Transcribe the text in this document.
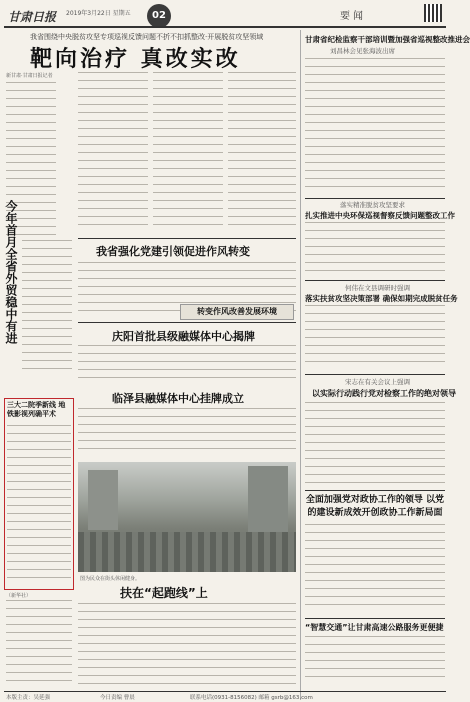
甘肃日报	2019年3月22日 星期五	02	要闻
我省围绕中央脱贫攻坚专项巡视反馈问题不折不扣抓整改·开展脱贫攻坚领域
靶向治疗 真改实改
新甘肃·甘肃日报记者
今年首月全省外贸稳中有进
三大二院季新线 地铁影视列确平术
（新华社）
我省强化党建引领促进作风转变
转变作风改善发展环境
庆阳首批县级融媒体中心揭牌
临泽县融媒体中心挂牌成立
图为民众在街头休闲健身。
扶在“起跑线”上
甘肃省纪检监察干部培训暨加强省巡视整改推进会
刘昌林会见张海波出席
落实精准脱贫攻坚要求
扎实推进中央环保巡视督察反馈问题整改工作
何伟在文县调研时强调
落实扶贫攻坚决策部署 确保如期完成脱贫任务
宋志在有关会议上强调
以实际行动践行党对检察工作的绝对领导
全面加强党对政协工作的领导 以党的建设新成效开创政协工作新局面
“智慧交通”让甘肃高速公路服务更便捷
本版主责：吴延强	今日责编 曹晨	联系电话(0931-8156082) 邮箱 gsrb@163.com
